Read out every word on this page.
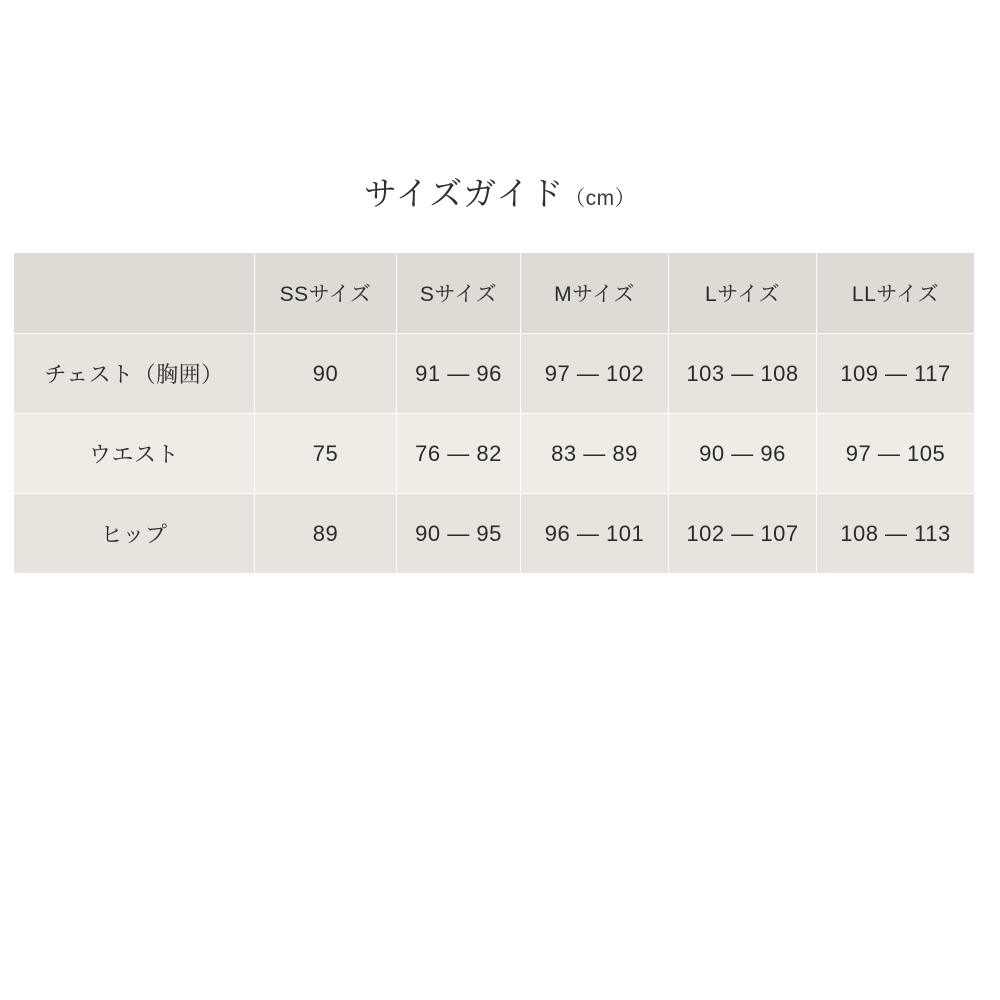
サイズガイド（cm）
	SSサイズ	Sサイズ	Mサイズ	Lサイズ	LLサイズ
チェスト（胸囲）	90	91 — 96	97 — 102	103 — 108	109 — 117
ウエスト	75	76 — 82	83 — 89	90 — 96	97 — 105
ヒップ	89	90 — 95	96 — 101	102 — 107	108 — 113
